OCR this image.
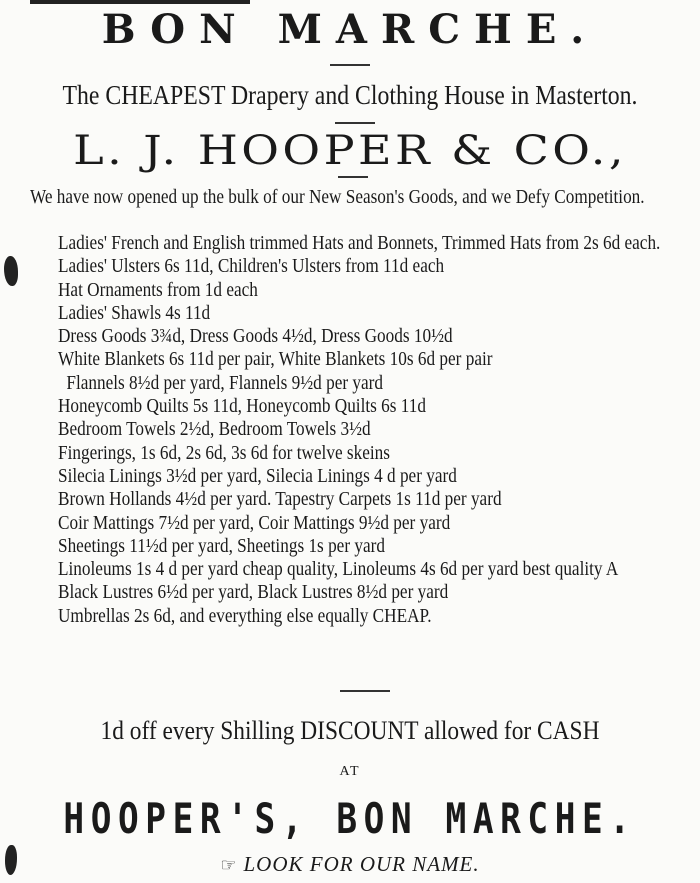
BON MARCHE.
The CHEAPEST Drapery and Clothing House in Masterton.
L. J. HOOPER & CO.,
We have now opened up the bulk of our New Season's Goods, and we Defy Competition.
Ladies' French and English trimmed Hats and Bonnets, Trimmed Hats from 2s 6d each.
Ladies' Ulsters 6s 11d, Children's Ulsters from 11d each
Hat Ornaments from 1d each
Ladies' Shawls 4s 11d
Dress Goods 3¾d, Dress Goods 4½d, Dress Goods 10½d
White Blankets 6s 11d per pair, White Blankets 10s 6d per pair
Flannels 8½d per yard, Flannels 9½d per yard
Honeycomb Quilts 5s 11d, Honeycomb Quilts 6s 11d
Bedroom Towels 2½d, Bedroom Towels 3½d
Fingerings, 1s 6d, 2s 6d, 3s 6d for twelve skeins
Silecia Linings 3½d per yard, Silecia Linings 4 d per yard
Brown Hollands 4½d per yard. Tapestry Carpets 1s 11d per yard
Coir Mattings 7½d per yard, Coir Mattings 9½d per yard
Sheetings 11½d per yard, Sheetings 1s per yard
Linoleums 1s 4 d per yard cheap quality, Linoleums 4s 6d per yard best quality A
Black Lustres 6½d per yard, Black Lustres 8½d per yard
Umbrellas 2s 6d, and everything else equally CHEAP.
1d off every Shilling DISCOUNT allowed for CASH
AT
HOOPER'S, BON MARCHE.
☞ LOOK FOR OUR NAME.
